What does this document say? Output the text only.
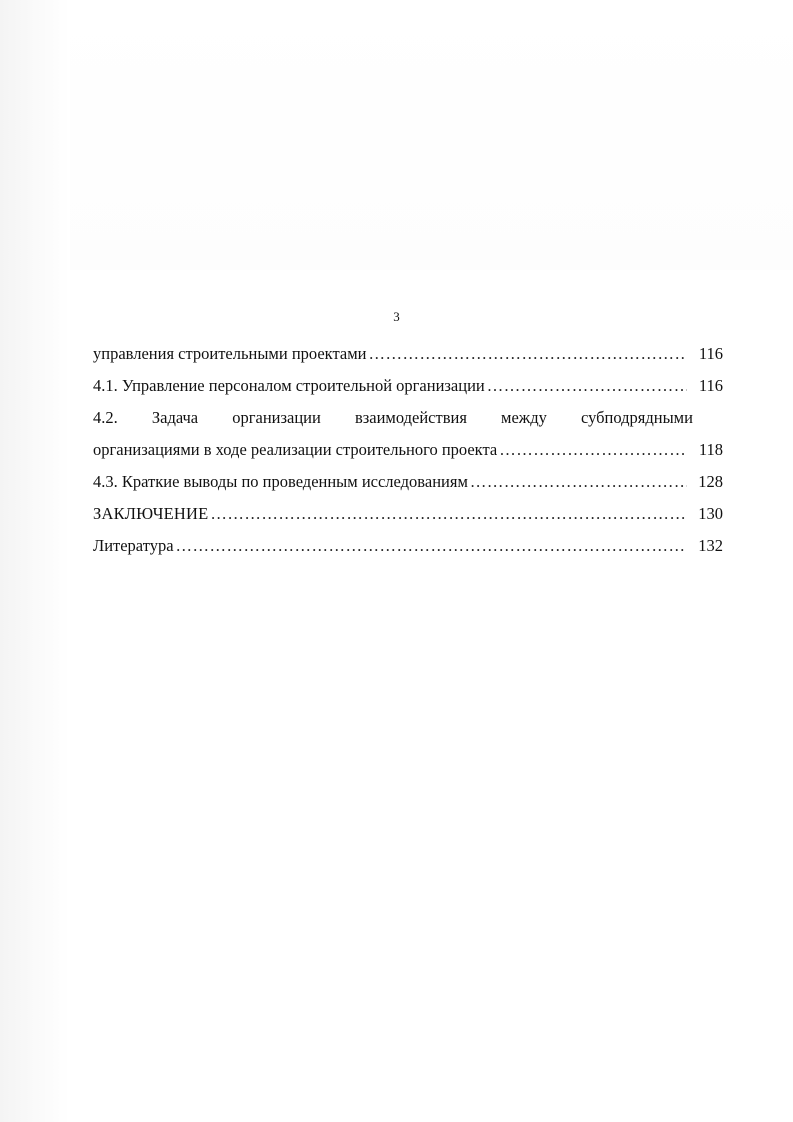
3
управления строительными проектами …………………………………………………………………………………………………………………………	116
4.1. Управление персоналом строительной организации …………………………………………………………………………………………………………………………	116
4.2. Задача организации взаимодействия между субподрядными
организациями в ходе реализации строительного проекта …………………………………………………………………………………………………………………………	118
4.3. Краткие выводы по проведенным исследованиям …………………………………………………………………………………………………………………………	128
ЗАКЛЮЧЕНИЕ …………………………………………………………………………………………………………………………	130
Литература …………………………………………………………………………………………………………………………	132
